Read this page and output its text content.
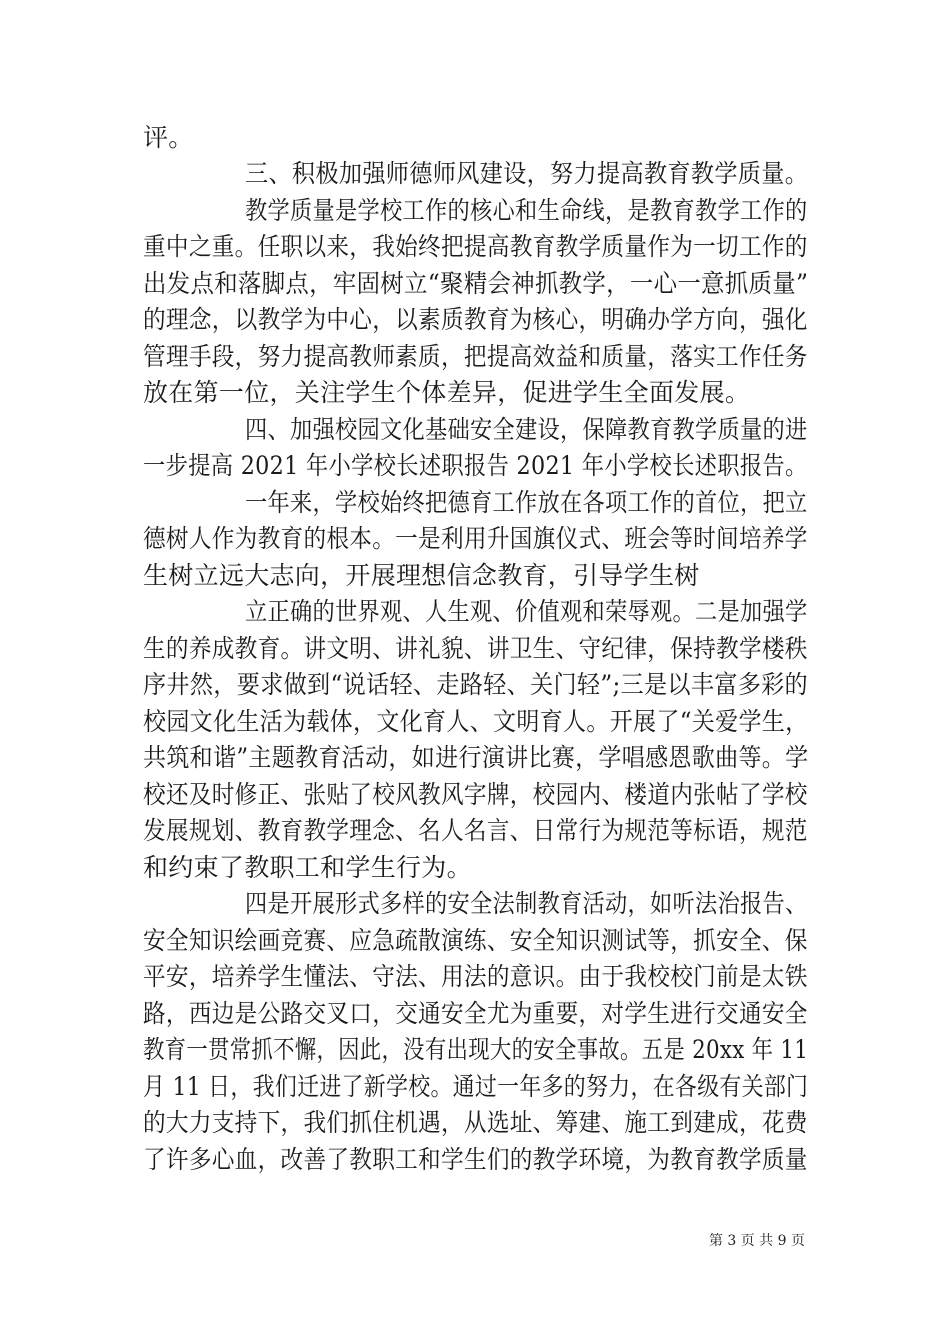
评。
三、积极加强师德师风建设，努力提高教育教学质量。
教学质量是学校工作的核心和生命线，是教育教学工作的
重中之重。任职以来，我始终把提高教育教学质量作为一切工作的
出发点和落脚点，牢固树立“聚精会神抓教学，一心一意抓质量”
的理念，以教学为中心，以素质教育为核心，明确办学方向，强化
管理手段，努力提高教师素质，把提高效益和质量，落实工作任务
放在第一位，关注学生个体差异，促进学生全面发展。
四、加强校园文化基础安全建设，保障教育教学质量的进
一步提高 2021 年小学校长述职报告 2021 年小学校长述职报告。
一年来，学校始终把德育工作放在各项工作的首位，把立
德树人作为教育的根本。一是利用升国旗仪式、班会等时间培养学
生树立远大志向，开展理想信念教育，引导学生树
立正确的世界观、人生观、价值观和荣辱观。二是加强学
生的养成教育。讲文明、讲礼貌、讲卫生、守纪律，保持教学楼秩
序井然，要求做到“说话轻、走路轻、关门轻”;三是以丰富多彩的
校园文化生活为载体，文化育人、文明育人。开展了“关爱学生，
共筑和谐”主题教育活动，如进行演讲比赛，学唱感恩歌曲等。学
校还及时修正、张贴了校风教风字牌，校园内、楼道内张帖了学校
发展规划、教育教学理念、名人名言、日常行为规范等标语，规范
和约束了教职工和学生行为。
四是开展形式多样的安全法制教育活动，如听法治报告、
安全知识绘画竞赛、应急疏散演练、安全知识测试等，抓安全、保
平安，培养学生懂法、守法、用法的意识。由于我校校门前是太铁
路，西边是公路交叉口，交通安全尤为重要，对学生进行交通安全
教育一贯常抓不懈，因此，没有出现大的安全事故。五是 20xx 年 11
月 11 日，我们迁进了新学校。通过一年多的努力，在各级有关部门
的大力支持下，我们抓住机遇，从选址、筹建、施工到建成，花费
了许多心血，改善了教职工和学生们的教学环境，为教育教学质量
第 3 页 共 9 页
